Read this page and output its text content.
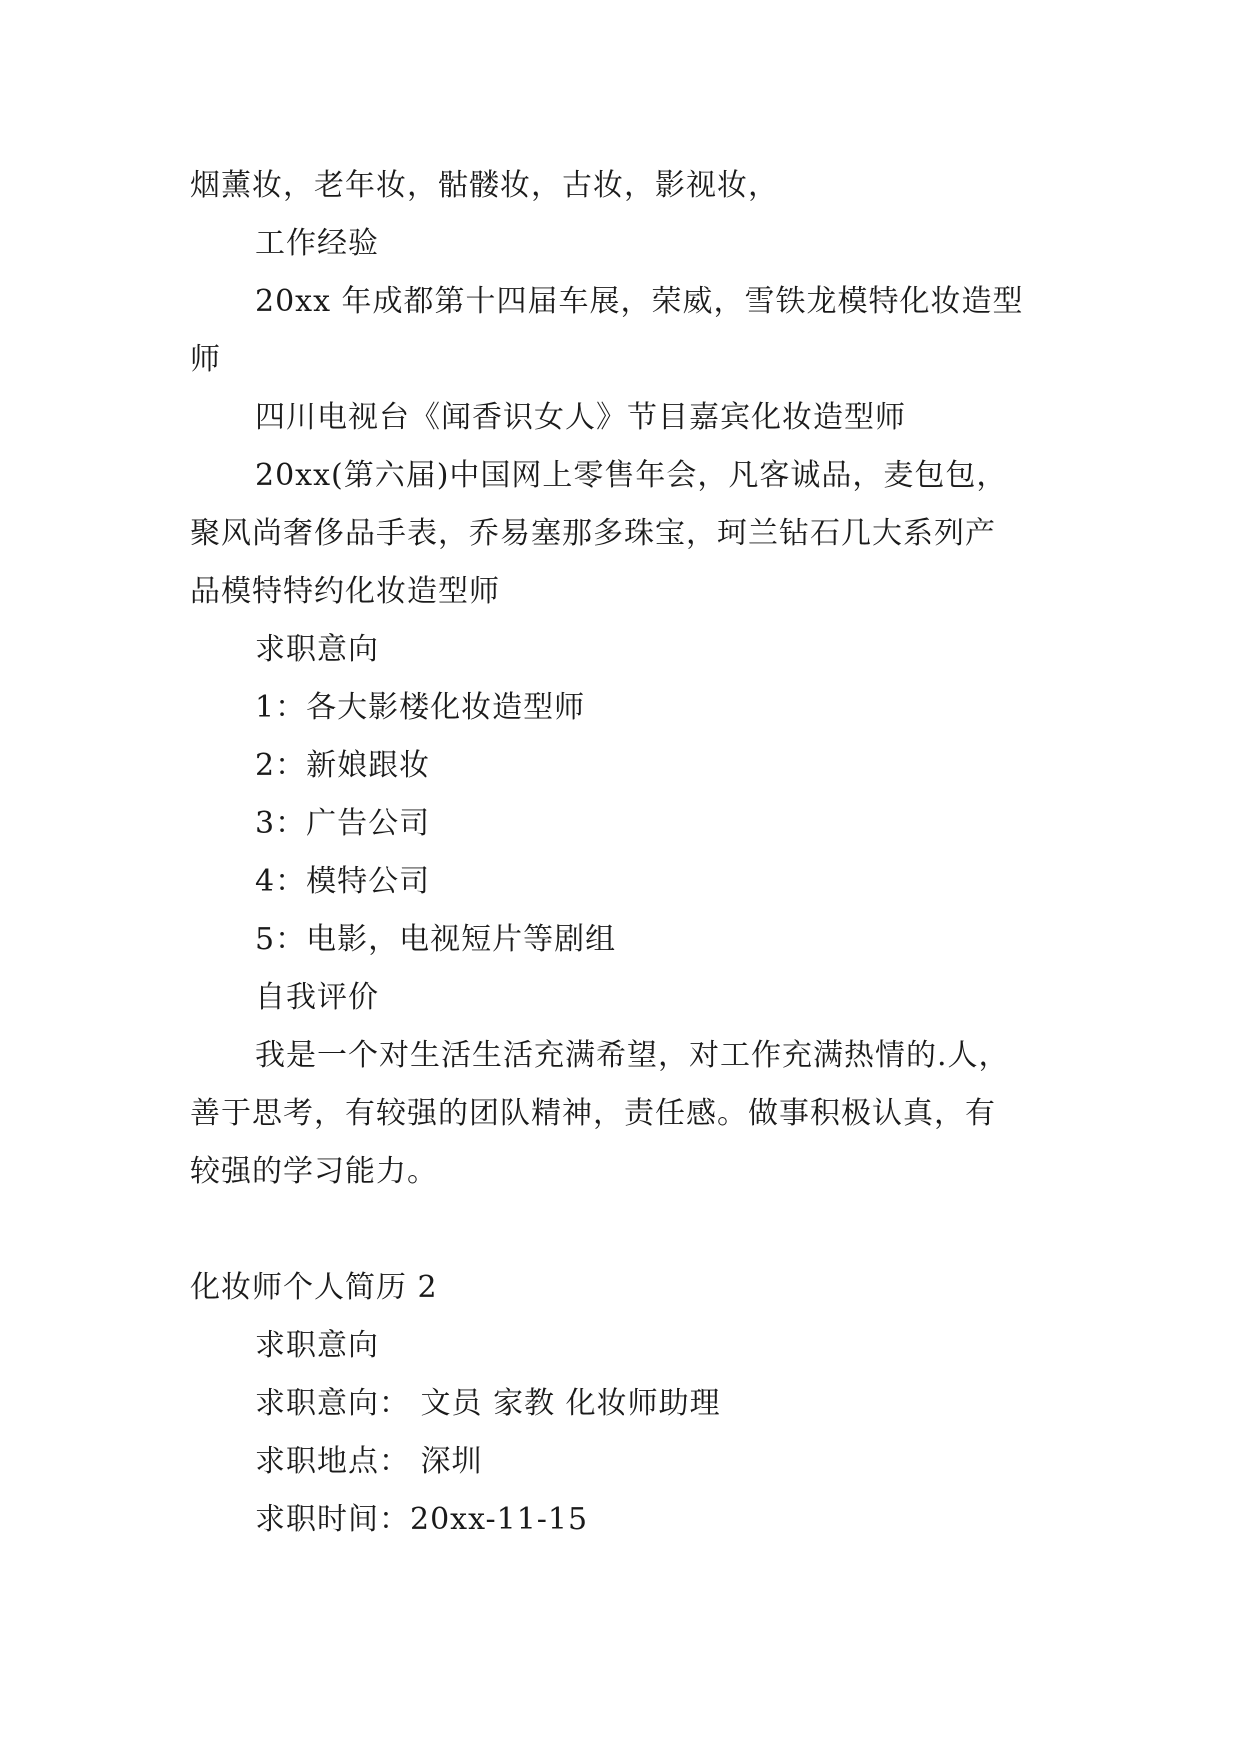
烟薰妆，老年妆，骷髅妆，古妆，影视妆，
工作经验
20xx 年成都第十四届车展，荣威，雪铁龙模特化妆造型
师
四川电视台《闻香识女人》节目嘉宾化妆造型师
20xx(第六届)中国网上零售年会，凡客诚品，麦包包，
聚风尚奢侈品手表，乔易塞那多珠宝，珂兰钻石几大系列产
品模特特约化妆造型师
求职意向
1：各大影楼化妆造型师
2：新娘跟妆
3：广告公司
4：模特公司
5：电影，电视短片等剧组
自我评价
我是一个对生活生活充满希望，对工作充满热情的.人，
善于思考，有较强的团队精神，责任感。做事积极认真，有
较强的学习能力。
化妆师个人简历 2
求职意向
求职意向： 文员 家教 化妆师助理
求职地点： 深圳
求职时间：20xx-11-15
